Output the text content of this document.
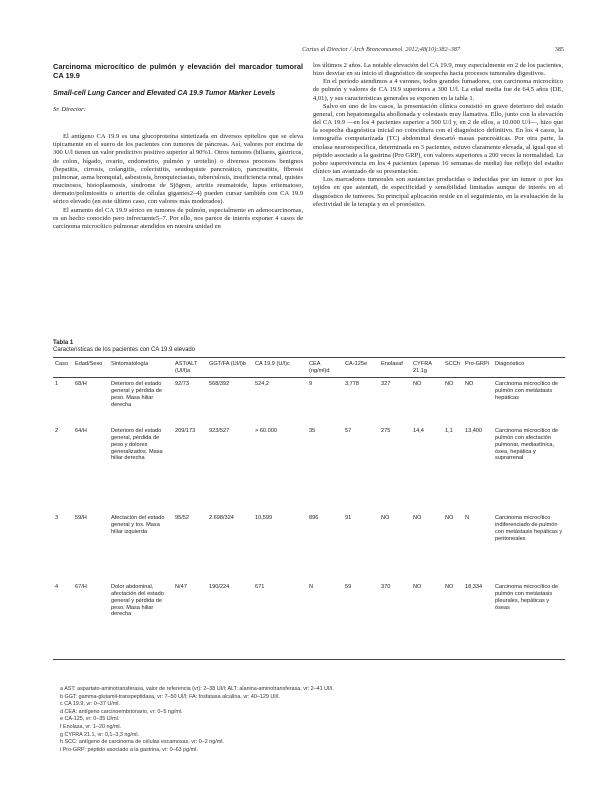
Cartas al Director / Arch Bronconeumol. 2012;48(10):382–387	385
Carcinoma microcítico de pulmón y elevación del marcador tumoral CA 19.9
Small-cell Lung Cancer and Elevated CA 19.9 Tumor Marker Levels
Sr. Director:

El antígeno CA 19.9 es una glucoproteína sintetizada en diversos epitelios que se eleva típicamente en el suero de los pacientes con tumores de páncreas. Así, valores por encima de 300 U/l tienen un valor predictivo positivo superior al 90%1. Otros tumores (biliares, gástricos, de colon, hígado, ovario, endometrio, pulmón y urotelio) o diversos procesos benignos (hepatitis, cirrosis, colangitis, colecistitis, seudoquiste pancreático, pancreatitis, fibrosis pulmonar, asma bronquial, asbestosis, bronquiectasias, tuberculosis, insuficiencia renal, quistes mucinosos, histoplasmosis, síndrome de Sjögren, artritis reumatoide, lupus eritematoso, dermato/polimiositis o arteritis de células gigantes2–4) pueden cursar también con CA 19.9 sérico elevado (en este último caso, con valores más moderados).

El aumento del CA 19.9 sérico en tumores de pulmón, especialmente en adenocarcinomas, es un hecho conocido pero infrecuente5–7. Por ello, nos parece de interés exponer 4 casos de carcinoma microcítico pulmonar atendidos en nuestra unidad en

los últimos 2 años. La notable elevación del CA 19.9, muy especialmente en 2 de los pacientes, hizo desviar en su inicio el diagnóstico de sospecha hacia procesos tumorales digestivos.

En el período atendimos a 4 varones, todos grandes fumadores, con carcinoma microcítico de pulmón y valores de CA 19.9 superiores a 300 U/l. La edad media fue de 64,5 años (DE, 4,01), y sus características generales se exponen en la tabla 1.

Salvo en uno de los casos, la presentación clínica consistió en grave deterioro del estado general, con hepatomegalia abollonada y colestasis muy llamativa. Ello, junto con la elevación del CA 19.9 —en los 4 pacientes superior a 500 U/l y, en 2 de ellos, a 10.000 U/l—, hizo que la sospecha diagnóstica inicial no coincidiera con el diagnóstico definitivo. En los 4 casos, la tomografía computarizada (TC) abdominal descartó masas pancreáticas. Por otra parte, la enolasa neuroespecífica, determinada en 3 pacientes, estuvo claramente elevada, al igual que el péptido asociado a la gastrina (Pro GRP), con valores superiores a 200 veces la normalidad. La pobre supervivencia en los 4 pacientes (apenas 16 semanas de media) fue reflejo del estadio clínico tan avanzado de su presentación.

Los marcadores tumorales son sustancias producidas o inducidas por un tumor o por los tejidos en que asienta8, de especificidad y sensibilidad limitadas aunque de interés en el diagnóstico de tumores. Su principal aplicación reside en el seguimiento, en la evaluación de la efectividad de la terapia y en el pronóstico.

Tabla 1
Características de los pacientes con CA 19.9 elevado
Caso	Edad/Sexo	Sintomatología	AST/ALT (UI/l)a	GGT/FA (UI/l)b	CA 19.9 (U/l)c	CEA (ng/ml)d	CA-125e	Enolasaf	CYFRA 21.1g	SCCh	Pro-GRPi	Diagnóstico
1	68/H	Deterioro del estado general y pérdida de peso. Masa hiliar derecha	92/73	568/392	524,2	9	3,778	327	NO	NO	NO	Carcinoma microcítico de pulmón con metástasis hepáticas
2	64/H	Deterioro del estado general, pérdida de peso y dolores generalizados. Masa hiliar derecha	209/173	923/527	> 60.000	35	57	275	14,4	1,1	13,400	Carcinoma microcítico de pulmón con afectación pulmonar, mediastínica, ósea, hepática y suprarrenal
3	59/H	Afectación del estado general y tos. Masa hiliar izquierda	95/52	2.698/324	10,599	896	91	NO	NO	NO	N	Carcinoma microcítico indiferenciado de pulmón con metástasis hepáticas y peritoneales
4	67/H	Dolor abdominal, afectación del estado general y pérdida de peso. Masa hiliar derecha	N/47	190/224	671	N	59	370	NO	NO	18,334	Carcinoma microcítico de pulmón con metástasis pleurales, hepáticas y óseas
a AST: aspartato-aminotransferasa, valor de referencia (vr): 2–38 UI/l; ALT: alanina-aminotransferasa, vr: 2–41 UI/l.
b GGT: gamma-glutamil-transpeptidasa, vr: 7–50 UI/l; FA: fosfatasa alcalina, vr: 40–129 UI/l.
c CA 19.9, vr: 0–37 U/ml.
d CEA: antígeno carcinoembrionario, vr: 0–5 ng/ml.
e CA-125, vr: 0–35 U/ml.
f Enolasa, vr: 1–20 ng/ml.
g CYFRA 21.1, vr: 0,1–3,3 ng/ml.
h SCC: antígeno de carcinoma de células escamosas, vr: 0–2 ng/ml.
i Pro-GRP: péptido asociado a la gastrina, vr: 0–63 pg/ml.
